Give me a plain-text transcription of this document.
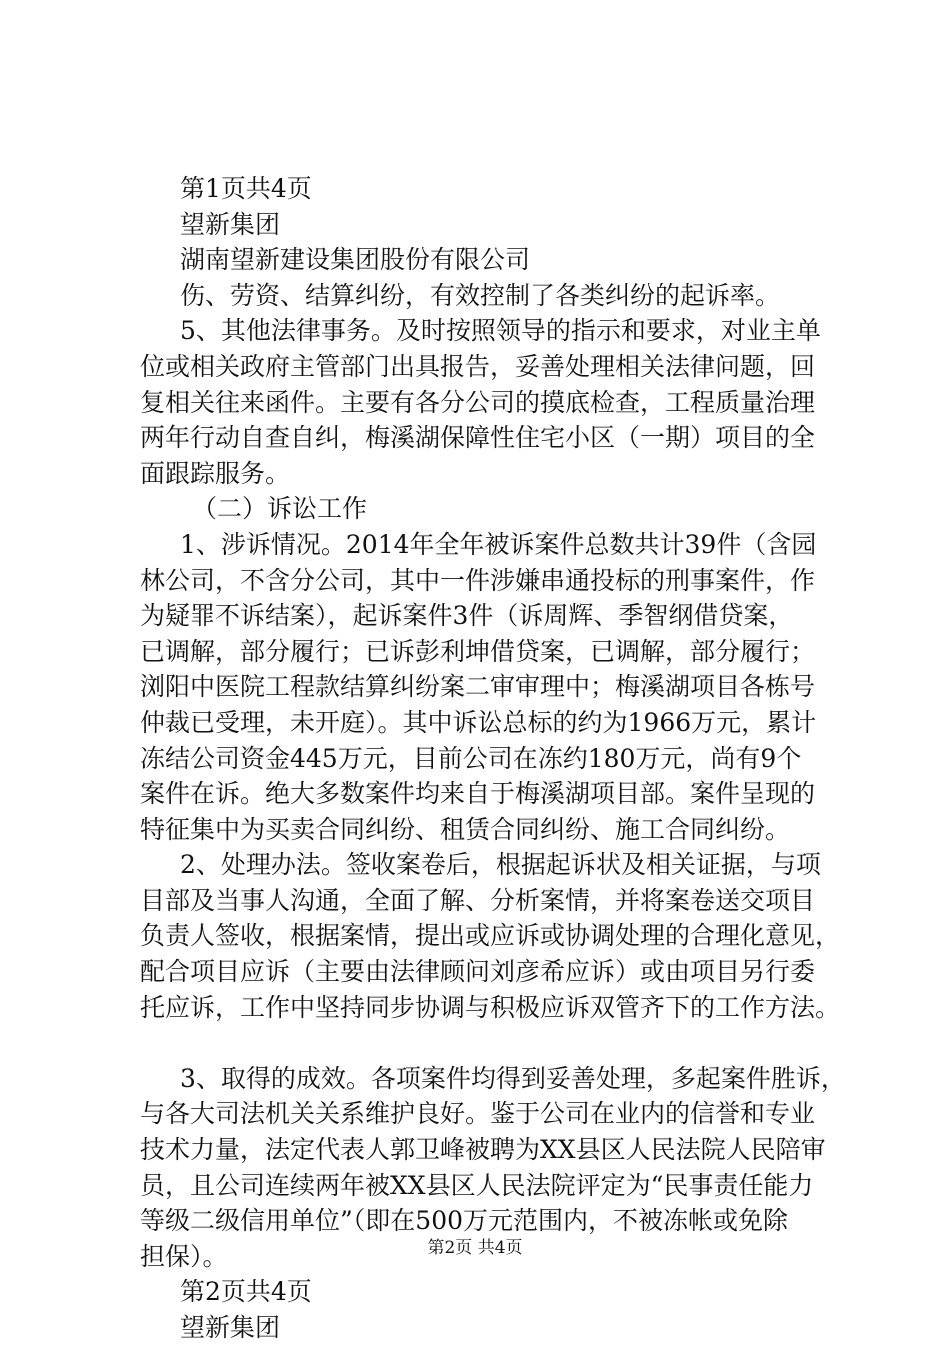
第1页共4页
望新集团
湖南望新建设集团股份有限公司
伤、劳资、结算纠纷，有效控制了各类纠纷的起诉率。
5、其他法律事务。及时按照领导的指示和要求，对业主单
位或相关政府主管部门出具报告，妥善处理相关法律问题，回
复相关往来函件。主要有各分公司的摸底检查，工程质量治理
两年行动自查自纠，梅溪湖保障性住宅小区（一期）项目的全
面跟踪服务。
（二）诉讼工作
1、涉诉情况。2014年全年被诉案件总数共计39件（含园
林公司，不含分公司，其中一件涉嫌串通投标的刑事案件，作
为疑罪不诉结案），起诉案件3件（诉周辉、季智纲借贷案，
已调解，部分履行；已诉彭利坤借贷案，已调解，部分履行；
浏阳中医院工程款结算纠纷案二审审理中；梅溪湖项目各栋号
仲裁已受理，未开庭）。其中诉讼总标的约为1966万元，累计
冻结公司资金445万元，目前公司在冻约180万元，尚有9个
案件在诉。绝大多数案件均来自于梅溪湖项目部。案件呈现的
特征集中为买卖合同纠纷、租赁合同纠纷、施工合同纠纷。
2、处理办法。签收案卷后，根据起诉状及相关证据，与项
目部及当事人沟通，全面了解、分析案情，并将案卷送交项目
负责人签收，根据案情，提出或应诉或协调处理的合理化意见，
配合项目应诉（主要由法律顾问刘彦希应诉）或由项目另行委
托应诉，工作中坚持同步协调与积极应诉双管齐下的工作方法。
3、取得的成效。各项案件均得到妥善处理，多起案件胜诉，
与各大司法机关关系维护良好。鉴于公司在业内的信誉和专业
技术力量，法定代表人郭卫峰被聘为XX县区人民法院人民陪审
员，且公司连续两年被XX县区人民法院评定为“民事责任能力
等级二级信用单位”（即在500万元范围内，不被冻帐或免除
担保）。
第2页共4页
望新集团
第2页 共4页
